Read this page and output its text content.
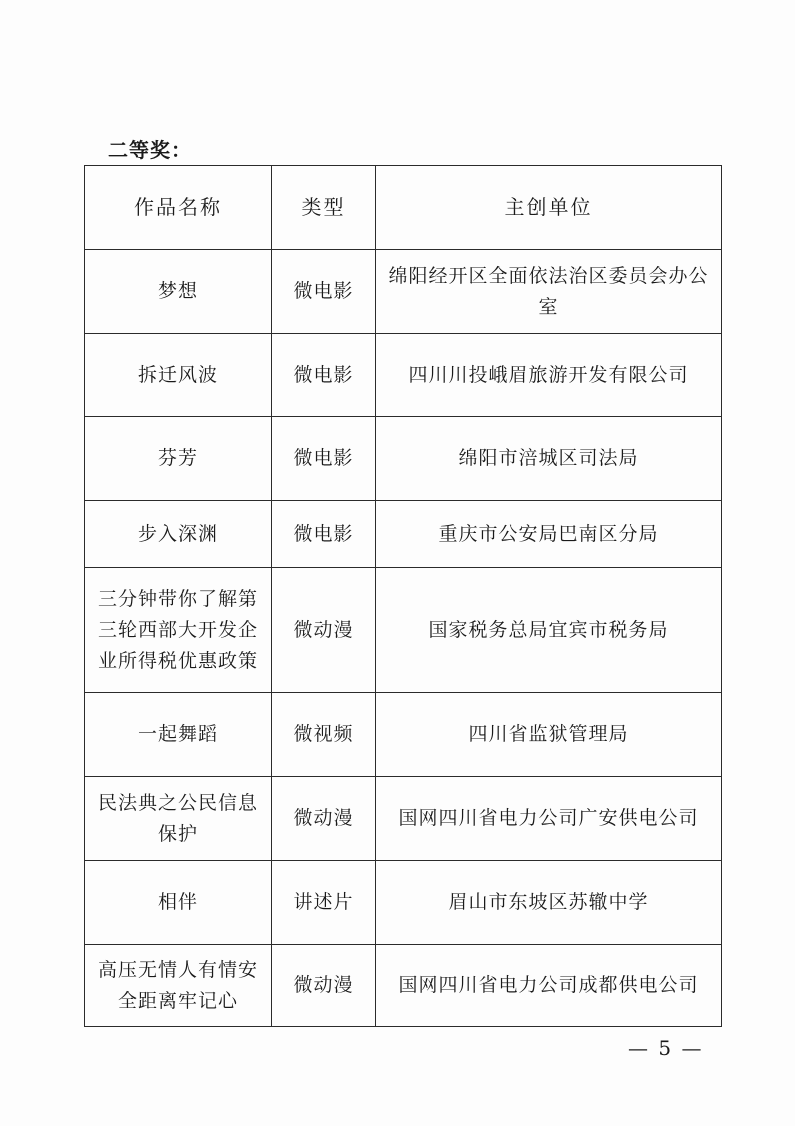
二等奖：
作品名称	类型	主创单位
梦想	微电影	绵阳经开区全面依法治区委员会办公室
拆迁风波	微电影	四川川投峨眉旅游开发有限公司
芬芳	微电影	绵阳市涪城区司法局
步入深渊	微电影	重庆市公安局巴南区分局
三分钟带你了解第三轮西部大开发企业所得税优惠政策	微动漫	国家税务总局宜宾市税务局
一起舞蹈	微视频	四川省监狱管理局
民法典之公民信息保护	微动漫	国网四川省电力公司广安供电公司
相伴	讲述片	眉山市东坡区苏辙中学
高压无情人有情安全距离牢记心	微动漫	国网四川省电力公司成都供电公司
— 5 —
